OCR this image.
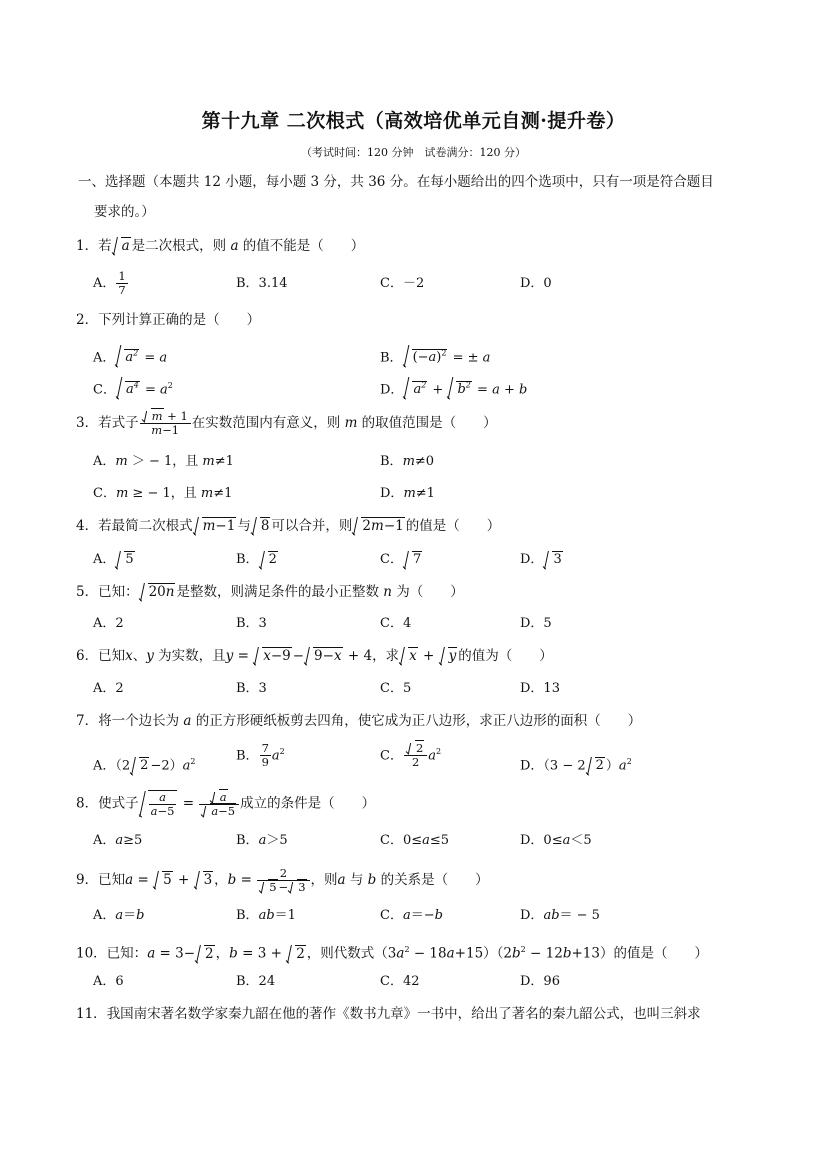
第十九章 二次根式（高效培优单元自测·提升卷）
（考试时间：120 分钟　试卷满分：120 分）
一、选择题（本题共 12 小题，每小题 3 分，共 36 分。在每小题给出的四个选项中，只有一项是符合题目
要求的。）
1．若 a 是二次根式，则 a 的值不能是（　　）
A． $\frac{1}{7}$	B．3.14	C．－2	D．0
2．下列计算正确的是（　　）
A． $a^2 = a$	B． $(-a)^2$ = ± a
C． $a^4 = a^2$	D． $a^2 + b^2 = a + b$
3．若式子 $\frac{m + 1}{m-1}$ 在实数范围内有意义，则 m 的取值范围是（　　）
A．m ＞ − 1，且 m≠1	B．m≠0
C．m ≥ − 1，且 m≠1	D．m≠1
4．若最简二次根式 m−1 与 8 可以合并，则 2m−1 的值是（　　）
A． 5	B． 2	C． 7	D． 3
5．已知： 20n 是整数，则满足条件的最小正整数 n 为（　　）
A．2	B．3	C．4	D．5
6．已知x、y 为实数，且y = x−9 − 9−x + 4，求 x + y 的值为（　　）
A．2	B．3	C．5	D．13
7．将一个边长为 a 的正方形硬纸板剪去四角，使它成为正八边形，求正八边形的面积（　　）
A．（2 $2 -2)a^2$	B． $\frac{7}{9} a^2$	C． $\frac{2}{2} a^2$
D．（3 − 2 2 ）$a^2$
8．使式子 $\frac{a}{a-5} = \frac{a}{a-5}$ 成立的条件是（　　）
A．a≥5	B．a＞5	C．0≤a≤5	D．0≤a＜5
9．已知a = 5 + 3 ，$b = \frac{2}{5 - 3}$ ，则a 与 b 的关系是（　　）
A．a＝b	B．ab＝1	C．a＝−b	D．ab＝ − 5
10．已知：a = 3− 2 ，b = 3 + 2 ，则代数式$(3a^2 - 18a+15)(2b^2 - 12b+13)$的值是（　　）
A．6	B．24	C．42	D．96
11．我国南宋著名数学家秦九韶在他的著作《数书九章》一书中，给出了著名的秦九韶公式，也叫三斜求
